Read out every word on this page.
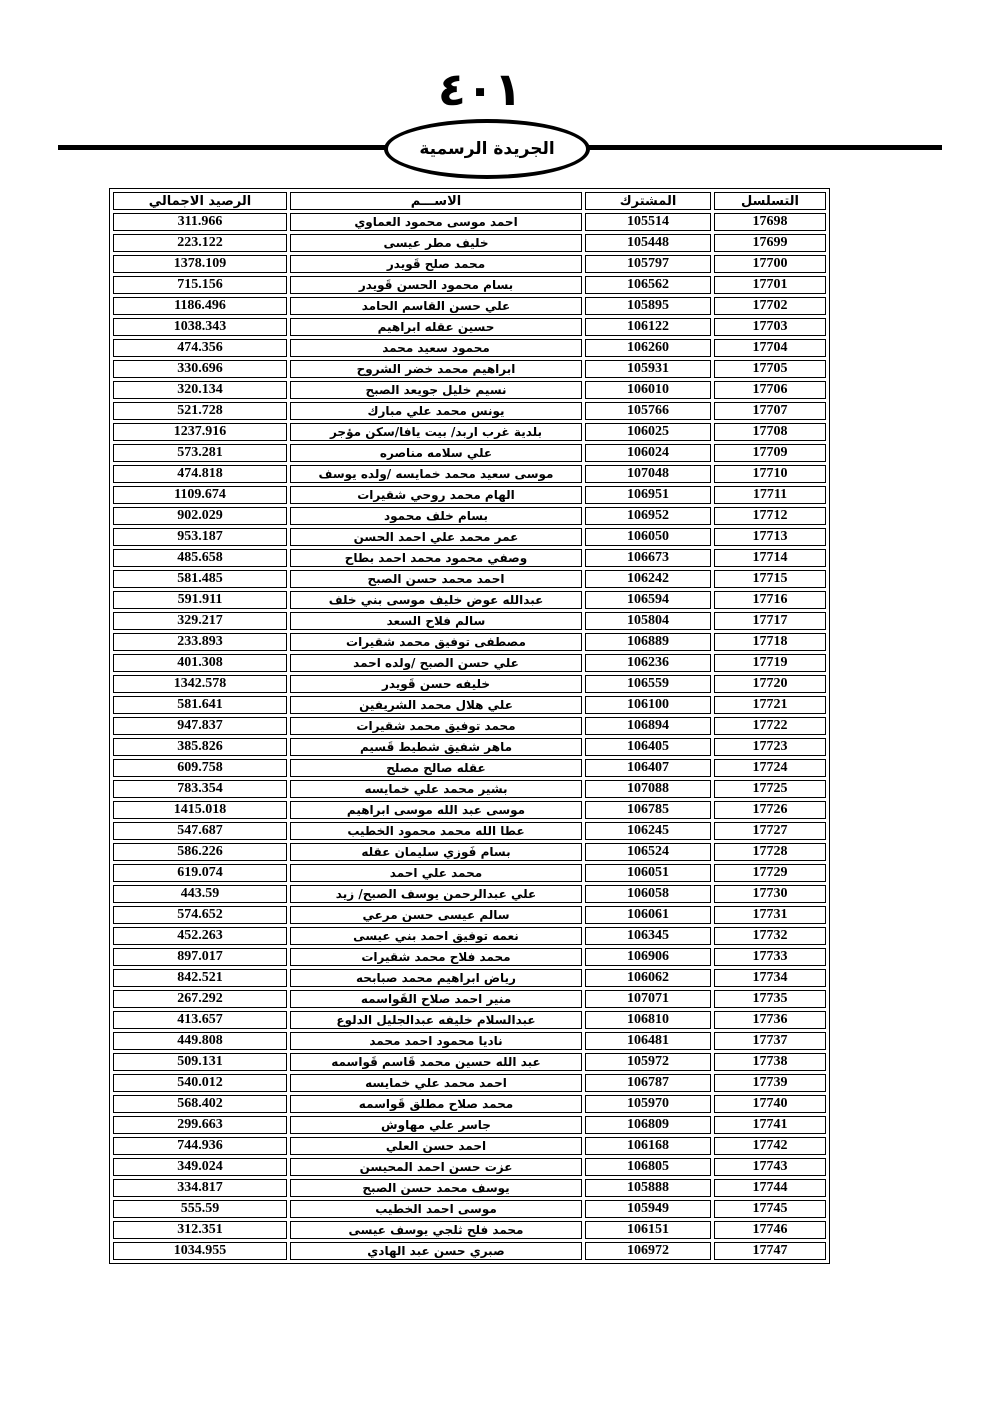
٤٠١
الجريدة الرسمية
التسلسل	المشترك	الاســـم	الرصيد الاجمالي
17698	105514	احمد موسى محمود العماوي	311.966
17699	105448	خليف مطر عيسى	223.122
17700	105797	محمد صلح قَويدر	1378.109
17701	106562	بسام محمود الحسن قَويدر	715.156
17702	105895	علي حسن القاسم الحامد	1186.496
17703	106122	حسين عقله ابراهيم	1038.343
17704	106260	محمود سعيد محمد	474.356
17705	105931	ابراهيم محمد خضر الشروح	330.696
17706	106010	نسيم خليل جويعد الصبح	320.134
17707	105766	يونس محمد علي مبارك	521.728
17708	106025	بلدية غرب اربد/ بيت يافا/سكن مؤجر	1237.916
17709	106024	علي سلامه مناصره	573.281
17710	107048	موسى سعيد محمد خمايسه /ولده يوسف	474.818
17711	106951	الهام محمد روحي شقيرات	1109.674
17712	106952	بسام خلف محمود	902.029
17713	106050	عمر محمد علي احمد الحسن	953.187
17714	106673	وصفي محمود محمد احمد بطاح	485.658
17715	106242	احمد محمد حسن الصبح	581.485
17716	106594	عبدالله عوض خليف موسى بني خلف	591.911
17717	105804	سالم فلاح السعد	329.217
17718	106889	مصطفى توفيق محمد شقيرات	233.893
17719	106236	علي حسن الصبح /ولده احمد	401.308
17720	106559	خليفه حسن قَويدر	1342.578
17721	106100	علي هلال محمد الشريفين	581.641
17722	106894	محمد توفيق محمد شقيرات	947.837
17723	106405	ماهر شفيق شطيط قَسيم	385.826
17724	106407	عقله صالح مصلح	609.758
17725	107088	بشير محمد علي خمايسه	783.354
17726	106785	موسى عبد الله موسى ابراهيم	1415.018
17727	106245	عطا الله محمد محمود الخطيب	547.687
17728	106524	بسام فَوزي سليمان عقله	586.226
17729	106051	محمد علي احمد	619.074
17730	106058	علي عبدالرحمن يوسف الصبح/ زيد	443.59
17731	106061	سالم عيسى حسن مرعي	574.652
17732	106345	نعمه توفيق احمد بني عيسى	452.263
17733	106906	محمد فلاح محمد شقيرات	897.017
17734	106062	رياض ابراهيم محمد صبابحه	842.521
17735	107071	منير احمد صلاح القَواسمه	267.292
17736	106810	عبدالسلام خليفه عبدالجليل الدلوع	413.657
17737	106481	ناديا محمود احمد محمد	449.808
17738	105972	عبد الله حسين محمد قَاسم قَواسمه	509.131
17739	106787	احمد محمد علي خمايسه	540.012
17740	105970	محمد صلاح مطلق قَواسمه	568.402
17741	106809	جاسر علي مهاوش	299.663
17742	106168	احمد حسن العلي	744.936
17743	106805	عزت حسن احمد المحيسن	349.024
17744	105888	يوسف محمد حسن الصبح	334.817
17745	105949	موسى احمد الخطيب	555.59
17746	106151	محمد فلح ثلجي يوسف عيسى	312.351
17747	106972	صبري حسن عبد الهادي	1034.955
